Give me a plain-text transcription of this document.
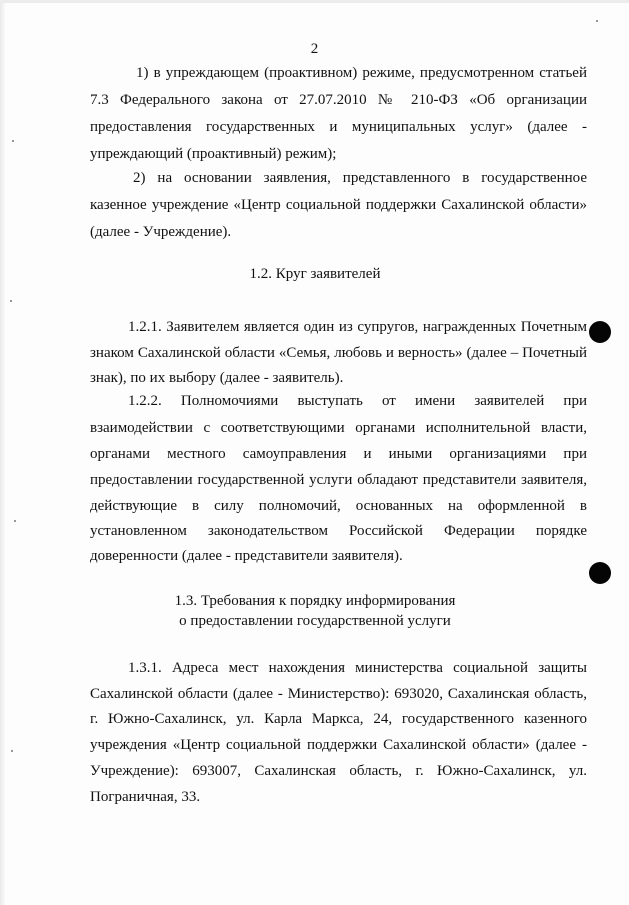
2
1) в упреждающем (проактивном) режиме, предусмотренном статьей
7.3 Федерального закона от 27.07.2010 № 210-ФЗ «Об организации
предоставления государственных и муниципальных услуг» (далее -
упреждающий (проактивный) режим);
2) на основании заявления, представленного в государственное
казенное учреждение «Центр социальной поддержки Сахалинской области»
(далее - Учреждение).
1.2. Круг заявителей
1.2.1. Заявителем является один из супругов, награжденных Почетным
знаком Сахалинской области «Семья, любовь и верность» (далее – Почетный
знак), по их выбору (далее - заявитель).
1.2.2. Полномочиями выступать от имени заявителей при
взаимодействии с соответствующими органами исполнительной власти,
органами местного самоуправления и иными организациями при
предоставлении государственной услуги обладают представители заявителя,
действующие в силу полномочий, основанных на оформленной в
установленном законодательством Российской Федерации порядке
доверенности (далее - представители заявителя).
1.3. Требования к порядку информирования
о предоставлении государственной услуги
1.3.1. Адреса мест нахождения министерства социальной защиты
Сахалинской области (далее - Министерство): 693020, Сахалинская область,
г. Южно-Сахалинск, ул. Карла Маркса, 24, государственного казенного
учреждения «Центр социальной поддержки Сахалинской области» (далее -
Учреждение): 693007, Сахалинская область, г. Южно-Сахалинск, ул.
Пограничная, 33.
